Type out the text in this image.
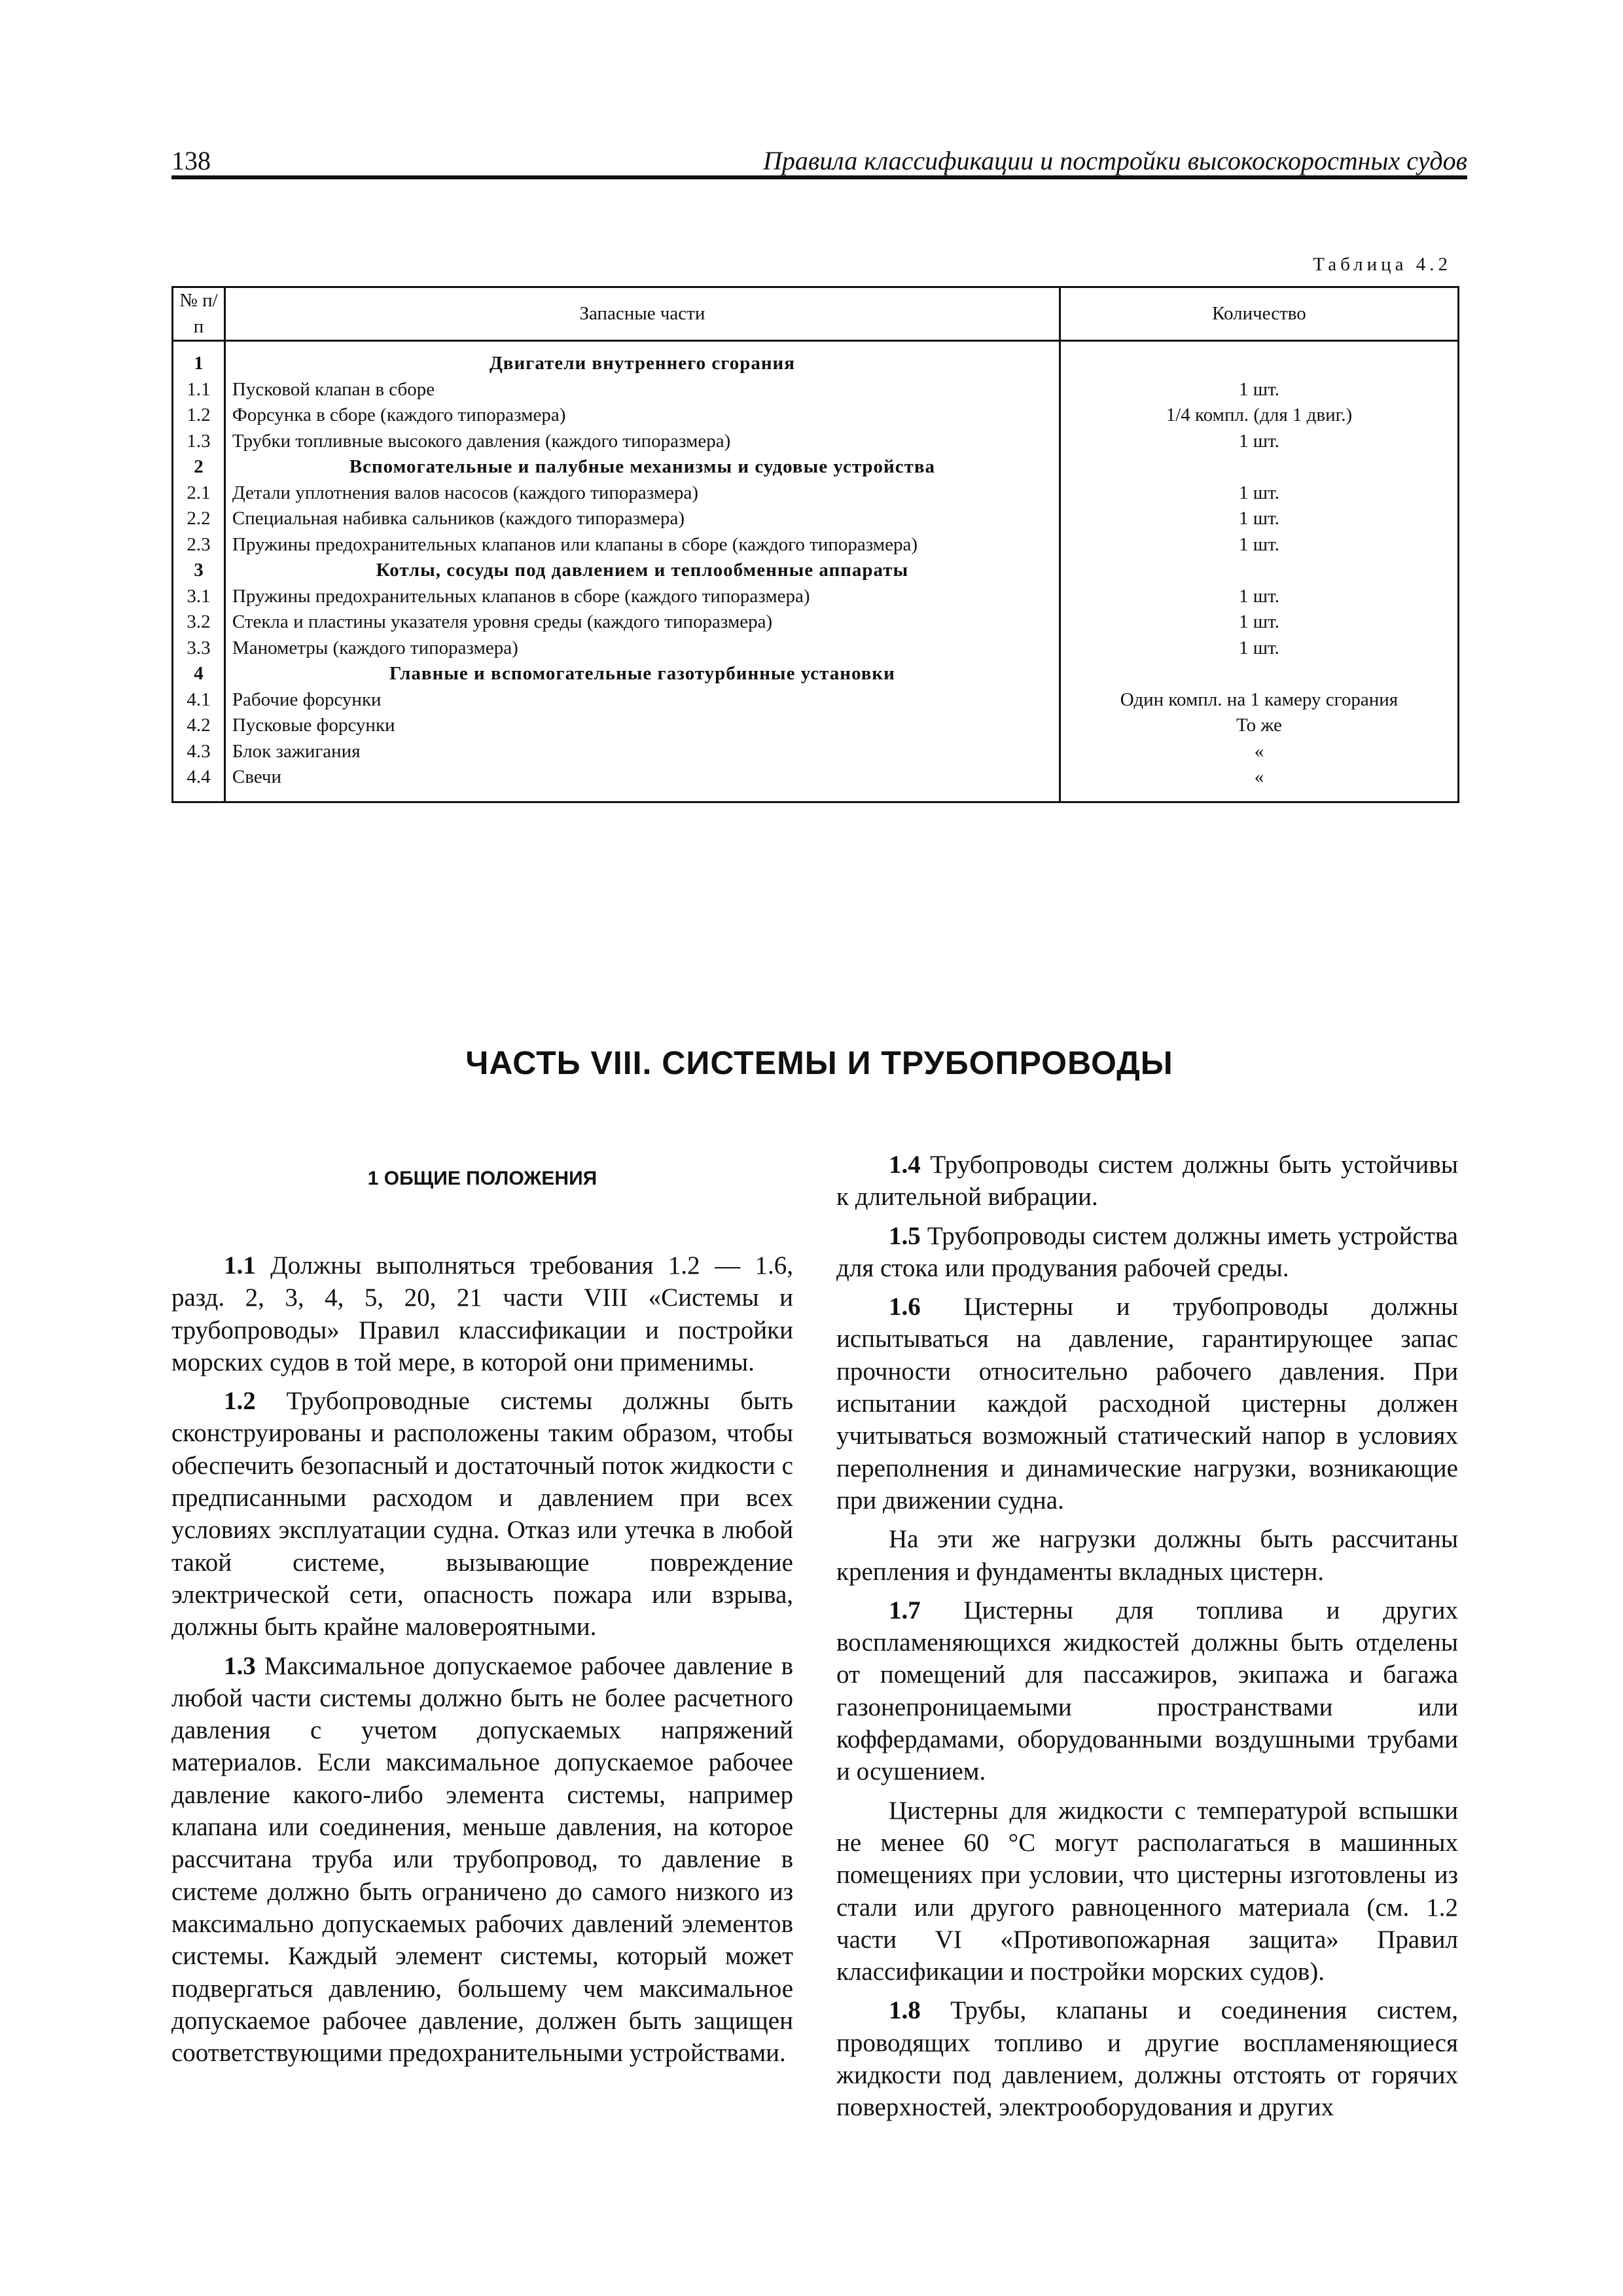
138	Правила классификации и постройки высокоскоростных судов
Таблица 4.2
№ п/п	Запасные части	Количество
1	Двигатели внутреннего сгорания	
1.1	Пусковой клапан в сборе	1 шт.
1.2	Форсунка в сборе (каждого типоразмера)	1/4 компл. (для 1 двиг.)
1.3	Трубки топливные высокого давления (каждого типоразмера)	1 шт.
2	Вспомогательные и палубные механизмы и судовые устройства	
2.1	Детали уплотнения валов насосов (каждого типоразмера)	1 шт.
2.2	Специальная набивка сальников (каждого типоразмера)	1 шт.
2.3	Пружины предохранительных клапанов или клапаны в сборе (каждого типоразмера)	1 шт.
3	Котлы, сосуды под давлением и теплообменные аппараты	
3.1	Пружины предохранительных клапанов в сборе (каждого типоразмера)	1 шт.
3.2	Стекла и пластины указателя уровня среды (каждого типоразмера)	1 шт.
3.3	Манометры (каждого типоразмера)	1 шт.
4	Главные и вспомогательные газотурбинные установки	
4.1	Рабочие форсунки	Один компл. на 1 камеру сгорания
4.2	Пусковые форсунки	То же
4.3	Блок зажигания	«
4.4	Свечи	«
ЧАСТЬ VIII. СИСТЕМЫ И ТРУБОПРОВОДЫ
1 ОБЩИЕ ПОЛОЖЕНИЯ

1.1 Должны выполняться требования 1.2 — 1.6, разд. 2, 3, 4, 5, 20, 21 части VIII «Системы и трубопроводы» Правил классификации и постройки морских судов в той мере, в которой они применимы.

1.2 Трубопроводные системы должны быть сконструированы и расположены таким образом, чтобы обеспечить безопасный и достаточный поток жидкости с предписанными расходом и давлением при всех условиях эксплуатации судна. Отказ или утечка в любой такой системе, вызывающие повреждение электрической сети, опасность пожара или взрыва, должны быть крайне маловероятными.

1.3 Максимальное допускаемое рабочее давление в любой части системы должно быть не более расчетного давления с учетом допускаемых напряжений материалов. Если максимальное допускаемое рабочее давление какого-либо элемента системы, например клапана или соединения, меньше давления, на которое рассчитана труба или трубопровод, то давление в системе должно быть ограничено до самого низкого из максимально допускаемых рабочих давлений элементов системы. Каждый элемент системы, который может подвергаться давлению, большему чем максимальное допускаемое рабочее давление, должен быть защищен соответствующими предохранительными устройствами.

1.4 Трубопроводы систем должны быть устойчивы к длительной вибрации.

1.5 Трубопроводы систем должны иметь устройства для стока или продувания рабочей среды.

1.6 Цистерны и трубопроводы должны испытываться на давление, гарантирующее запас прочности относительно рабочего давления. При испытании каждой расходной цистерны должен учитываться возможный статический напор в условиях переполнения и динамические нагрузки, возникающие при движении судна.

На эти же нагрузки должны быть рассчитаны крепления и фундаменты вкладных цистерн.

1.7 Цистерны для топлива и других воспламеняющихся жидкостей должны быть отделены от помещений для пассажиров, экипажа и багажа газонепроницаемыми пространствами или коффердамами, оборудованными воздушными трубами и осушением.

Цистерны для жидкости с температурой вспышки не менее 60 °C могут располагаться в машинных помещениях при условии, что цистерны изготовлены из стали или другого равноценного материала (см. 1.2 части VI «Противопожарная защита» Правил классификации и постройки морских судов).

1.8 Трубы, клапаны и соединения систем, проводящих топливо и другие воспламеняющиеся жидкости под давлением, должны отстоять от горячих поверхностей, электрооборудования и других
